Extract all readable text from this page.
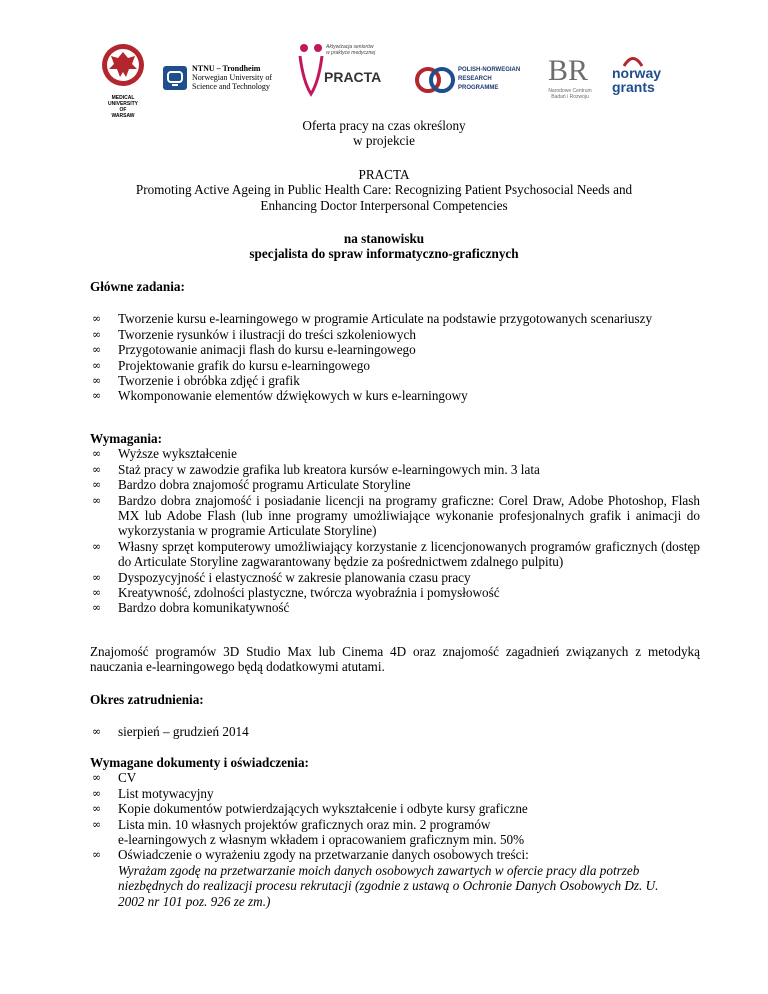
MEDICAL UNIVERSITY OF WARSAW
NTNU – Trondheim
Norwegian University of
Science and Technology
Aktywizacja seniorów
w praktyce medycznej
PRACTA	POLISH-NORWEGIAN
RESEARCH
PROGRAMME
BR
Narodowe Centrum
Badań i Rozwoju
norway
grants
Oferta pracy na czas określony
w projekcie
PRACTA
Promoting Active Ageing in Public Health Care: Recognizing Patient Psychosocial Needs and
Enhancing Doctor Interpersonal Competencies
na stanowisku
specjalista do spraw informatyczno-graficznych
Główne zadania:
∞ Tworzenie kursu e-learningowego w programie Articulate na podstawie przygotowanych scenariuszy
∞ Tworzenie rysunków i ilustracji do treści szkoleniowych
∞ Przygotowanie animacji flash do kursu e-learningowego
∞ Projektowanie grafik do kursu e-learningowego
∞ Tworzenie i obróbka zdjęć i grafik
∞ Wkomponowanie elementów dźwiękowych w kurs e-learningowy
Wymagania:
∞ Wyższe wykształcenie
∞ Staż pracy w zawodzie grafika lub kreatora kursów e-learningowych min. 3 lata
∞ Bardzo dobra znajomość programu Articulate Storyline
∞ Bardzo dobra znajomość i posiadanie licencji na programy graficzne: Corel Draw, Adobe Photoshop, Flash MX lub Adobe Flash (lub inne programy umożliwiające wykonanie profesjonalnych grafik i animacji do wykorzystania w programie Articulate Storyline)
∞ Własny sprzęt komputerowy umożliwiający korzystanie z licencjonowanych programów graficznych (dostęp do Articulate Storyline zagwarantowany będzie za pośrednictwem zdalnego pulpitu)
∞ Dyspozycyjność i elastyczność w zakresie planowania czasu pracy
∞ Kreatywność, zdolności plastyczne, twórcza wyobraźnia i pomysłowość
∞ Bardzo dobra komunikatywność
Znajomość programów 3D Studio Max lub Cinema 4D oraz znajomość zagadnień związanych z metodyką nauczania e-learningowego będą dodatkowymi atutami.
Okres zatrudnienia:
∞ sierpień – grudzień 2014
Wymagane dokumenty i oświadczenia:
∞ CV
∞ List motywacyjny
∞ Kopie dokumentów potwierdzających wykształcenie i odbyte kursy graficzne
∞ Lista min. 10 własnych projektów graficznych oraz min. 2 programów
e-learningowych z własnym wkładem i opracowaniem graficznym min. 50%
∞ Oświadczenie o wyrażeniu zgody na przetwarzanie danych osobowych treści:
Wyrażam zgodę na przetwarzanie moich danych osobowych zawartych w ofercie pracy dla potrzeb niezbędnych do realizacji procesu rekrutacji (zgodnie z ustawą o Ochronie Danych Osobowych Dz. U. 2002 nr 101 poz. 926 ze zm.)
